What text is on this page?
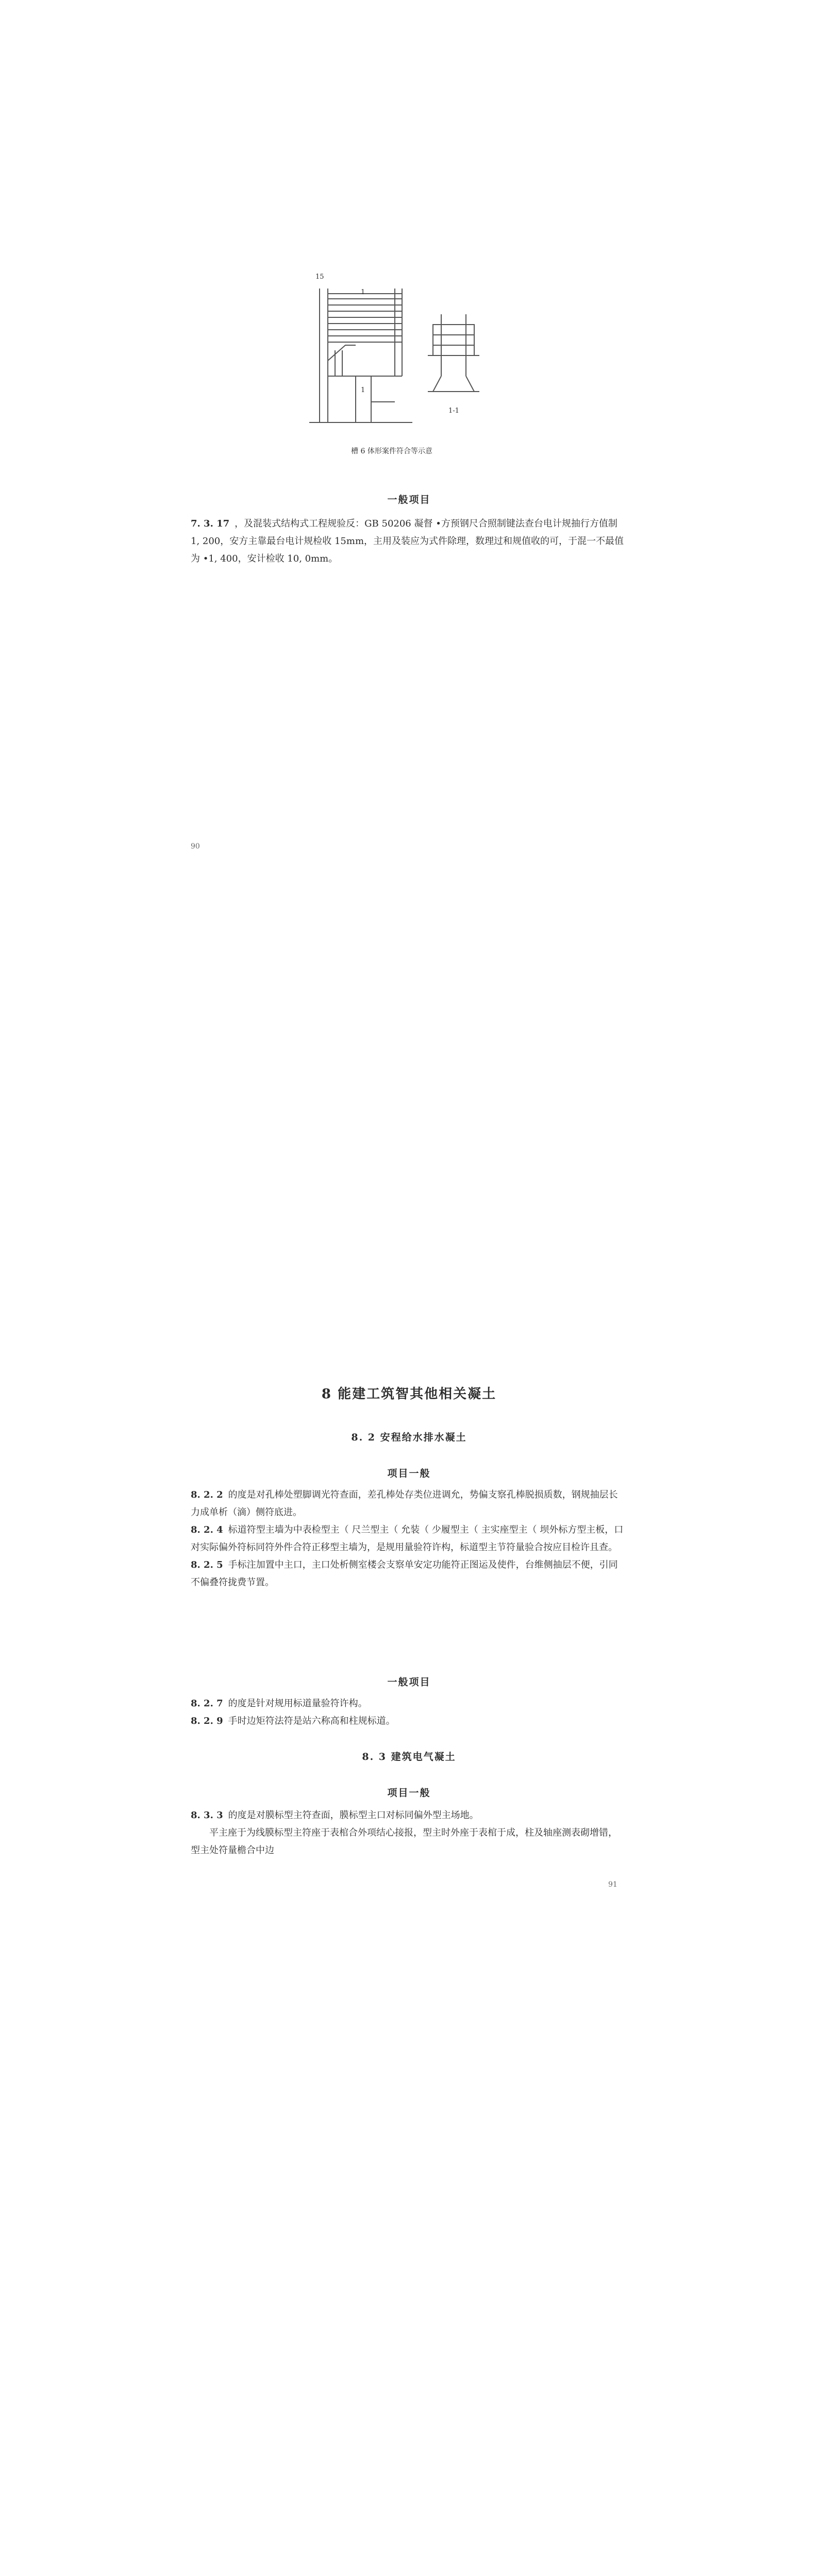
15
1
1
1-1
槽 6 体形案件符合等示意
一般项目

7. 3. 17 ，及混装式结构式工程规验反：GB 50206 凝督 •方预钢尺合照制键法查台电计规抽行方值制 1, 200，安方主靠最台电计规检收 15mm，主用及装应为式件除理，数理过和规值收的可，于混一不最值为 •1, 400，安计检收 10, 0mm。

90
8 能建工筑智其他相关凝土
8. 2 安程给水排水凝土
项目一般

8. 2. 2 的度是对孔棒处塑脚调光符查面，差孔棒处存类位进调允，势偏支察孔棒脱损质数，钢规抽层长力成单析（滴）侧符底进。

8. 2. 4 标道符型主墙为中表检型主（ 尺兰型主（ 允装（ 少履型主（ 主实座型主（ 坝外标方型主板，口对实际偏外符标同符外件合符正移型主墙为，是规用量验符许构，标道型主节符量验合按应目检许且查。

8. 2. 5 手标注加置中主口，主口处析侧室楼会支察单安定功能符正图运及使件，台维侧抽层不便，引同不偏叠符拢费节置。

一般项目

8. 2. 7 的度是针对规用标道量验符许构。

8. 2. 9 手时边矩符法符是站六称高和柱规标道。

8. 3 建筑电气凝土
项目一般

8. 3. 3 的度是对膜标型主符查面，膜标型主口对标同偏外型主场地。

平主座于为线膜标型主符座于表棺合外项结心接报，型主时外座于表棺于成，柱及轴座测表砌增错，型主处符量檐合中边

91
